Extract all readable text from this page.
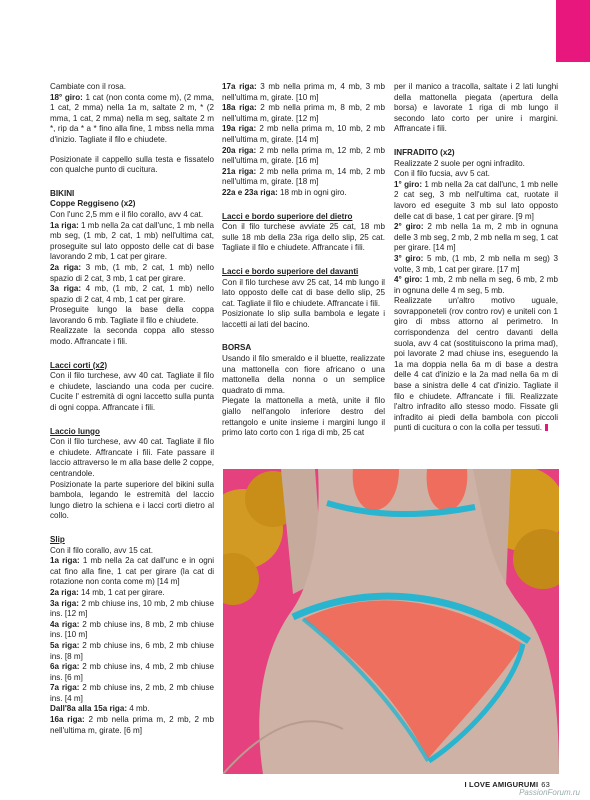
Cambiate con il rosa.

18° giro: 1 cat (non conta come m), (2 mma, 1 cat, 2 mma) nella 1a m, saltate 2 m, * (2 mma, 1 cat, 2 mma) nella m seg, saltate 2 m *, rip da * a * fino alla fine, 1 mbss nella mma d'inizio. Tagliate il filo e chiudete.

Posizionate il cappello sulla testa e fissatelo con qualche punto di cucitura.

BIKINI
Coppe Reggiseno (x2)

Con l'unc 2,5 mm e il filo corallo, avv 4 cat.

1a riga: 1 mb nella 2a cat dall'unc, 1 mb nella mb seg, (1 mb, 2 cat, 1 mb) nell'ultima cat, proseguite sul lato opposto delle cat di base lavorando 2 mb, 1 cat per girare.

2a riga: 3 mb, (1 mb, 2 cat, 1 mb) nello spazio di 2 cat, 3 mb, 1 cat per girare.

3a riga: 4 mb, (1 mb, 2 cat, 1 mb) nello spazio di 2 cat, 4 mb, 1 cat per girare.

Proseguite lungo la base della coppa lavorando 6 mb. Tagliate il filo e chiudete.

Realizzate la seconda coppa allo stesso modo. Affrancate i fili.

Lacci corti (x2)

Con il filo turchese, avv 40 cat. Tagliate il filo e chiudete, lasciando una coda per cucire. Cucite l' estremità di ogni laccetto sulla punta di ogni coppa. Affrancate i fili.

Laccio lungo

Con il filo turchese, avv 40 cat. Tagliate il filo e chiudete. Affrancate i fili. Fate passare il laccio attraverso le m alla base delle 2 coppe, centrandole.

Posizionate la parte superiore del bikini sulla bambola, legando le estremità del laccio lungo dietro la schiena e i lacci corti dietro al collo.

Slip

Con il filo corallo, avv 15 cat.

1a riga: 1 mb nella 2a cat dall'unc e in ogni cat fino alla fine, 1 cat per girare (la cat di rotazione non conta come m) [14 m]

2a riga: 14 mb, 1 cat per girare.

3a riga: 2 mb chiuse ins, 10 mb, 2 mb chiuse ins. [12 m]

4a riga: 2 mb chiuse ins, 8 mb, 2 mb chiuse ins. [10 m]

5a riga: 2 mb chiuse ins, 6 mb, 2 mb chiuse ins. [8 m]

6a riga: 2 mb chiuse ins, 4 mb, 2 mb chiuse ins. [6 m]

7a riga: 2 mb chiuse ins, 2 mb, 2 mb chiuse ins. [4 m]

Dall'8a alla 15a riga: 4 mb.

16a riga: 2 mb nella prima m, 2 mb, 2 mb nell'ultima m, girate. [6 m]

17a riga: 3 mb nella prima m, 4 mb, 3 mb nell'ultima m, girate. [10 m]

18a riga: 2 mb nella prima m, 8 mb, 2 mb nell'ultima m, girate. [12 m]

19a riga: 2 mb nella prima m, 10 mb, 2 mb nell'ultima m, girate. [14 m]

20a riga: 2 mb nella prima m, 12 mb, 2 mb nell'ultima m, girate. [16 m]

21a riga: 2 mb nella prima m, 14 mb, 2 mb nell'ultima m, girate. [18 m]

22a e 23a riga: 18 mb in ogni giro.

Lacci e bordo superiore del dietro

Con il filo turchese avviate 25 cat, 18 mb sulle 18 mb della 23a riga dello slip, 25 cat. Tagliate il filo e chiudete. Affrancate i fili.

Lacci e bordo superiore del davanti

Con il filo turchese avv 25 cat, 14 mb lungo il lato opposto delle cat di base dello slip, 25 cat. Tagliate il filo e chiudete. Affrancate i fili.

Posizionate lo slip sulla bambola e legate i laccetti ai lati del bacino.

BORSA

Usando il filo smeraldo e il bluette, realizzate una mattonella con fiore africano o una mattonella della nonna o un semplice quadrato di mma.

Piegate la mattonella a metà, unite il filo giallo nell'angolo inferiore destro del rettangolo e unite insieme i margini lungo il primo lato corto con 1 riga di mb, 25 cat

per il manico a tracolla, saltate i 2 lati lunghi della mattonella piegata (apertura della borsa) e lavorate 1 riga di mb lungo il secondo lato corto per unire i margini. Affrancate i fili.

INFRADITO (x2)

Realizzate 2 suole per ogni infradito.

Con il filo fucsia, avv 5 cat.

1° giro: 1 mb nella 2a cat dall'unc, 1 mb nelle 2 cat seg, 3 mb nell'ultima cat, ruotate il lavoro ed eseguite 3 mb sul lato opposto delle cat di base, 1 cat per girare. [9 m]

2° giro: 2 mb nella 1a m, 2 mb in ognuna delle 3 mb seg, 2 mb, 2 mb nella m seg, 1 cat per girare. [14 m]

3° giro: 5 mb, (1 mb, 2 mb nella m seg) 3 volte, 3 mb, 1 cat per girare. [17 m]

4° giro: 1 mb, 2 mb nella m seg, 6 mb, 2 mb in ognuna delle 4 m seg, 5 mb.

Realizzate un'altro motivo uguale, sovrapponeteli (rov contro rov) e uniteli con 1 giro di mbss attorno al perimetro. In corrispondenza del centro davanti della suola, avv 4 cat (sostituiscono la prima mad), poi lavorate 2 mad chiuse ins, eseguendo la 1a ma doppia nella 6a m di base a destra delle 4 cat d'inizio e la 2a mad nella 6a m di base a sinistra delle 4 cat d'inizio. Tagliate il filo e chiudete. Affrancate i fili. Realizzate l'altro infradito allo stesso modo. Fissate gli infradito ai piedi della bambola con piccoli punti di cucitura o con la colla per tessuti.

I LOVE AMIGURUMI 63
PassionForum.ru
